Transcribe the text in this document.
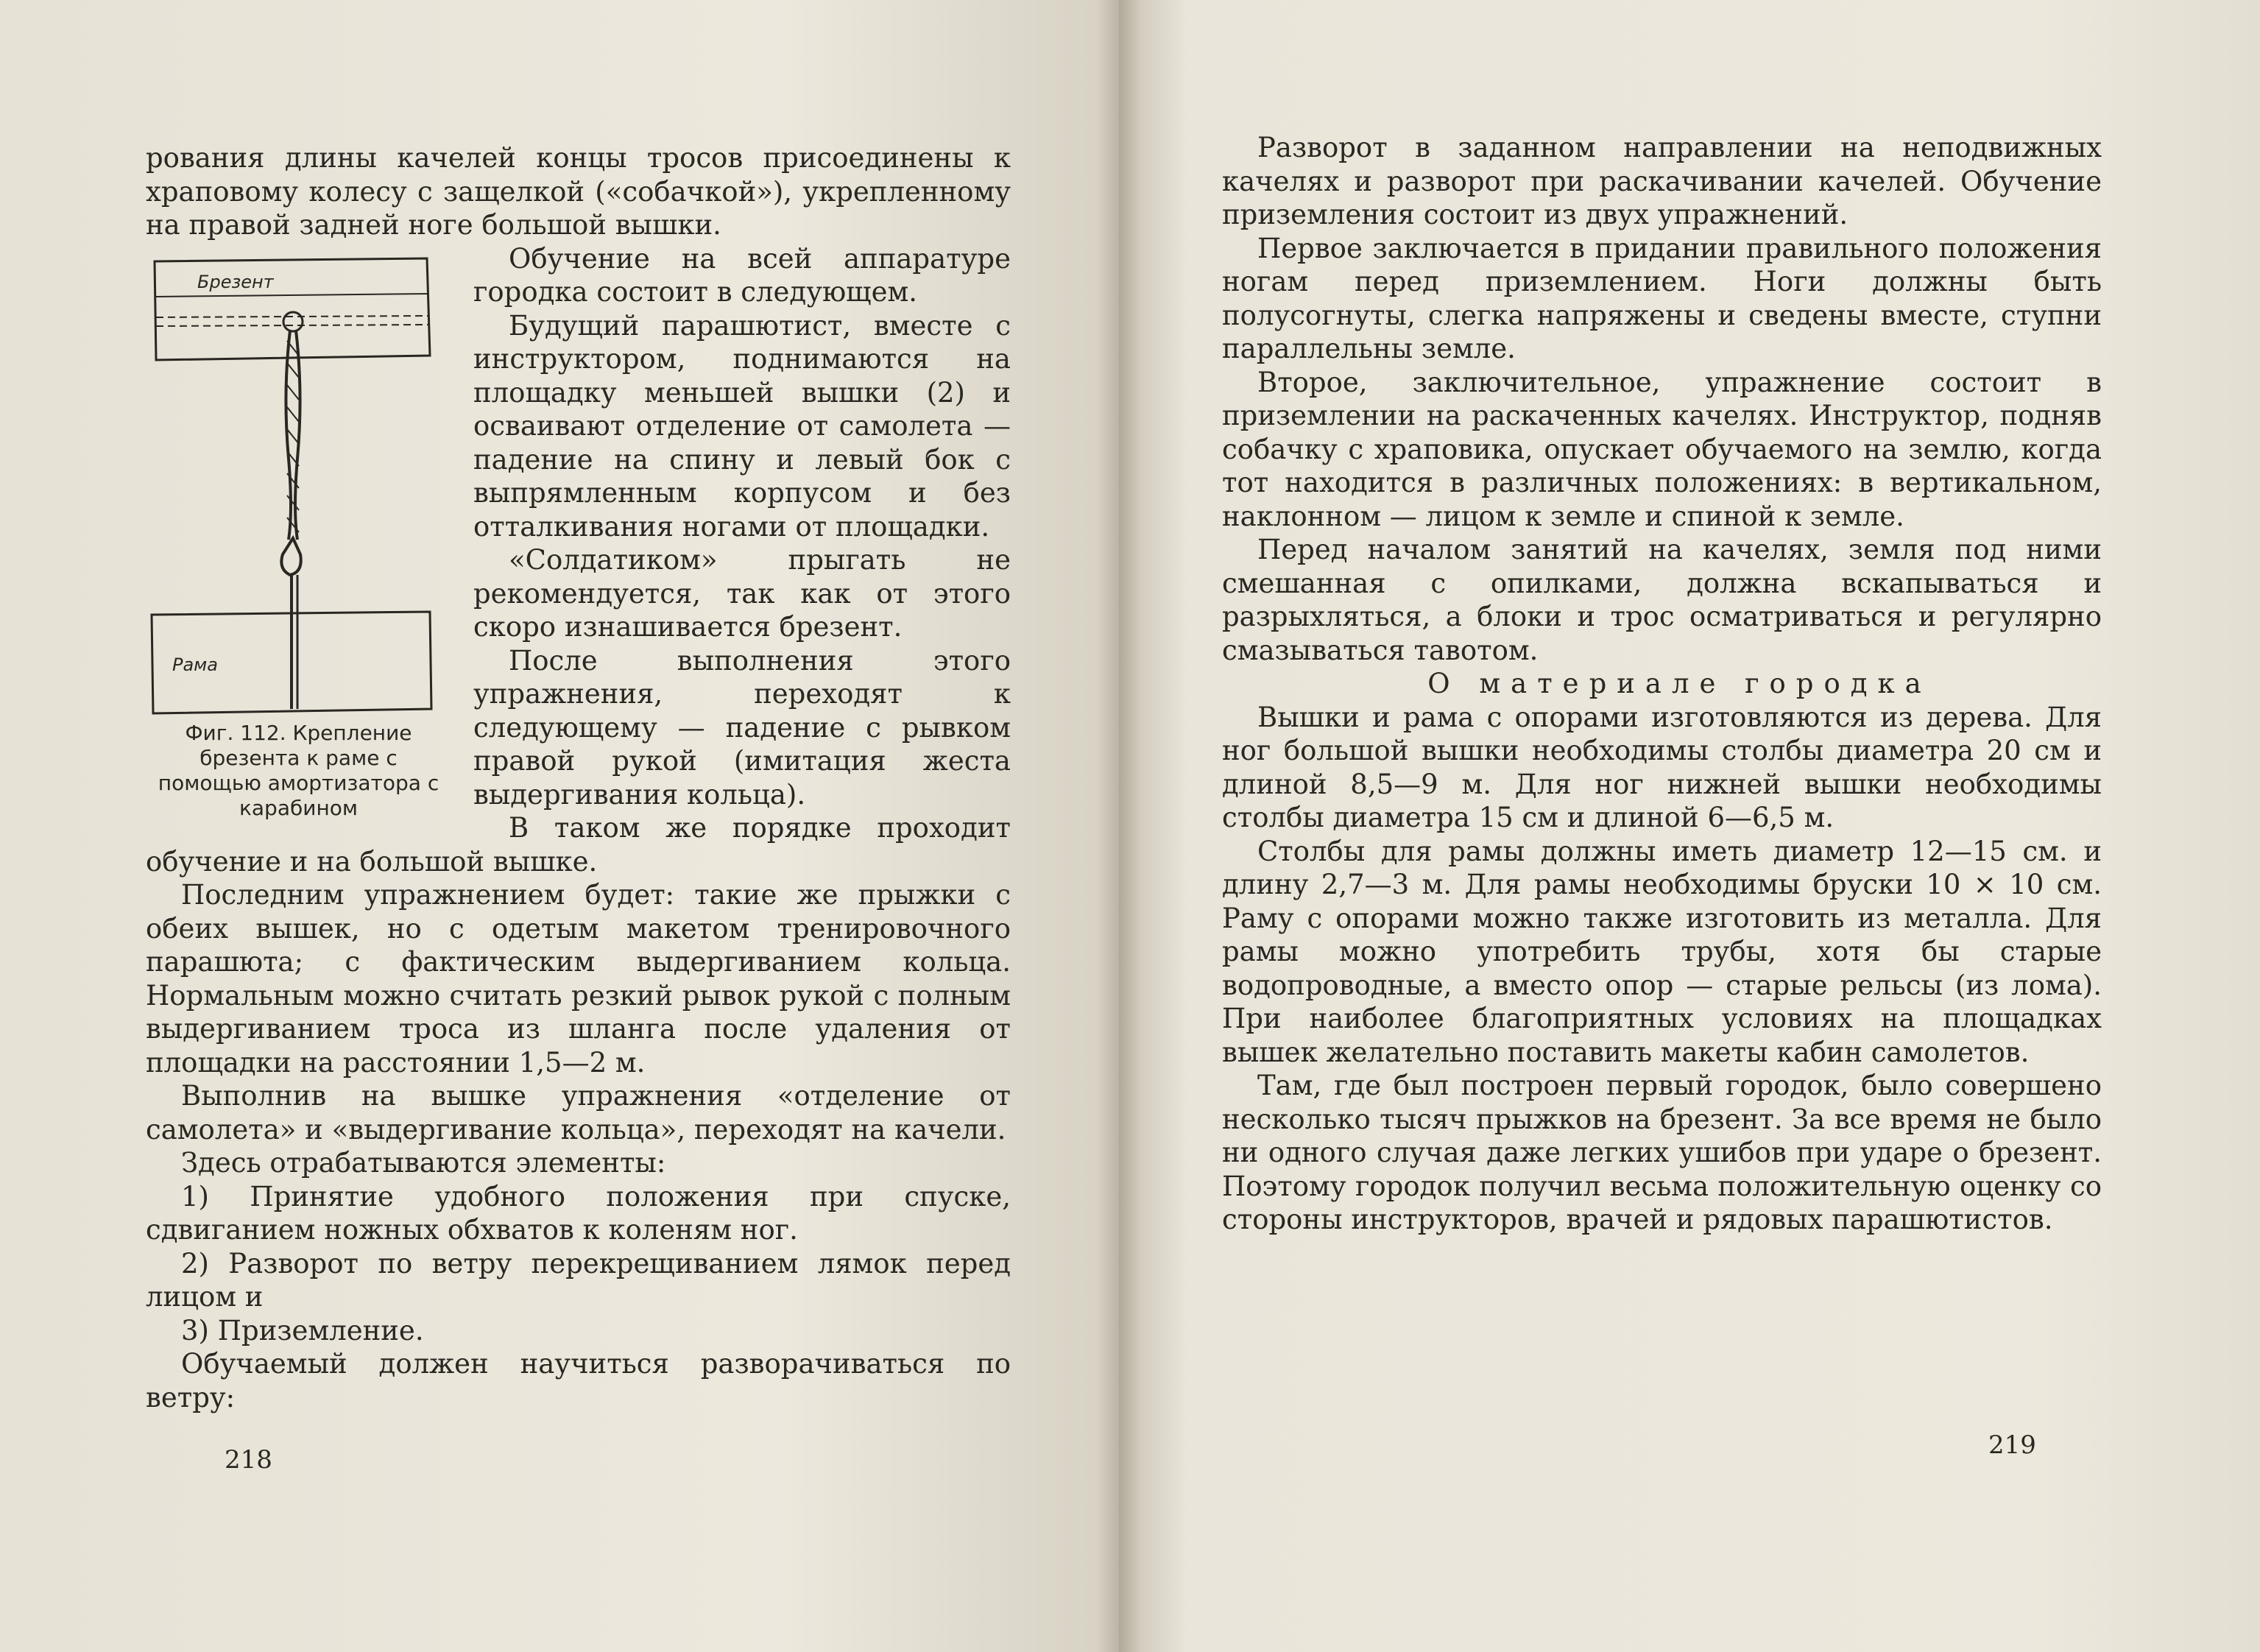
рования длины качелей концы тросов присоединены к храповому колесу с защелкой («собачкой»), укрепленному на правой задней ноге большой вышки.

Брезент
Рама
Фиг. 112. Крепление брезента к раме с помощью амортизатора с карабином

Обучение на всей аппаратуре городка состоит в следующем.

Будущий парашютист, вместе с инструктором, поднимаются на площадку меньшей вышки (2) и осваивают отделение от самолета — падение на спину и левый бок с выпрямленным корпусом и без отталкивания ногами от площадки.

«Солдатиком» прыгать не рекомендуется, так как от этого скоро изнашивается брезент.

После выполнения этого упражнения, переходят к следующему — падение с рывком правой рукой (имитация жеста выдергивания кольца).

В таком же порядке проходит обучение и на большой вышке.

Последним упражнением будет: такие же прыжки с обеих вышек, но с одетым макетом тренировочного парашюта; с фактическим выдергиванием кольца. Нормальным можно считать резкий рывок рукой с полным выдергиванием троса из шланга после удаления от площадки на расстоянии 1,5—2 м.

Выполнив на вышке упражнения «отделение от самолета» и «выдергивание кольца», переходят на качели.

Здесь отрабатываются элементы:

1) Принятие удобного положения при спуске, сдвиганием ножных обхватов к коленям ног.

2) Разворот по ветру перекрещиванием лямок перед лицом и

3) Приземление.

Обучаемый должен научиться разворачиваться по ветру:

218

Разворот в заданном направлении на неподвижных качелях и разворот при раскачивании качелей. Обучение приземления состоит из двух упражнений.

Первое заключается в придании правильного положения ногам перед приземлением. Ноги должны быть полусогнуты, слегка напряжены и сведены вместе, ступни параллельны земле.

Второе, заключительное, упражнение состоит в приземлении на раскаченных качелях. Инструктор, подняв собачку с храповика, опускает обучаемого на землю, когда тот находится в различных положениях: в вертикальном, наклонном — лицом к земле и спиной к земле.

Перед началом занятий на качелях, земля под ними смешанная с опилками, должна вскапываться и разрыхляться, а блоки и трос осматриваться и регулярно смазываться тавотом.

О материале городка

Вышки и рама с опорами изготовляются из дерева. Для ног большой вышки необходимы столбы диаметра 20 см и длиной 8,5—9 м. Для ног нижней вышки необходимы столбы диаметра 15 см и длиной 6—6,5 м.

Столбы для рамы должны иметь диаметр 12—15 см. и длину 2,7—3 м. Для рамы необходимы бруски 10 × 10 см. Раму с опорами можно также изготовить из металла. Для рамы можно употребить трубы, хотя бы старые водопроводные, а вместо опор — старые рельсы (из лома). При наиболее благоприятных условиях на площадках вышек желательно поставить макеты кабин самолетов.

Там, где был построен первый городок, было совершено несколько тысяч прыжков на брезент. За все время не было ни одного случая даже легких ушибов при ударе о брезент. Поэтому городок получил весьма положительную оценку со стороны инструкторов, врачей и рядовых парашютистов.

219
